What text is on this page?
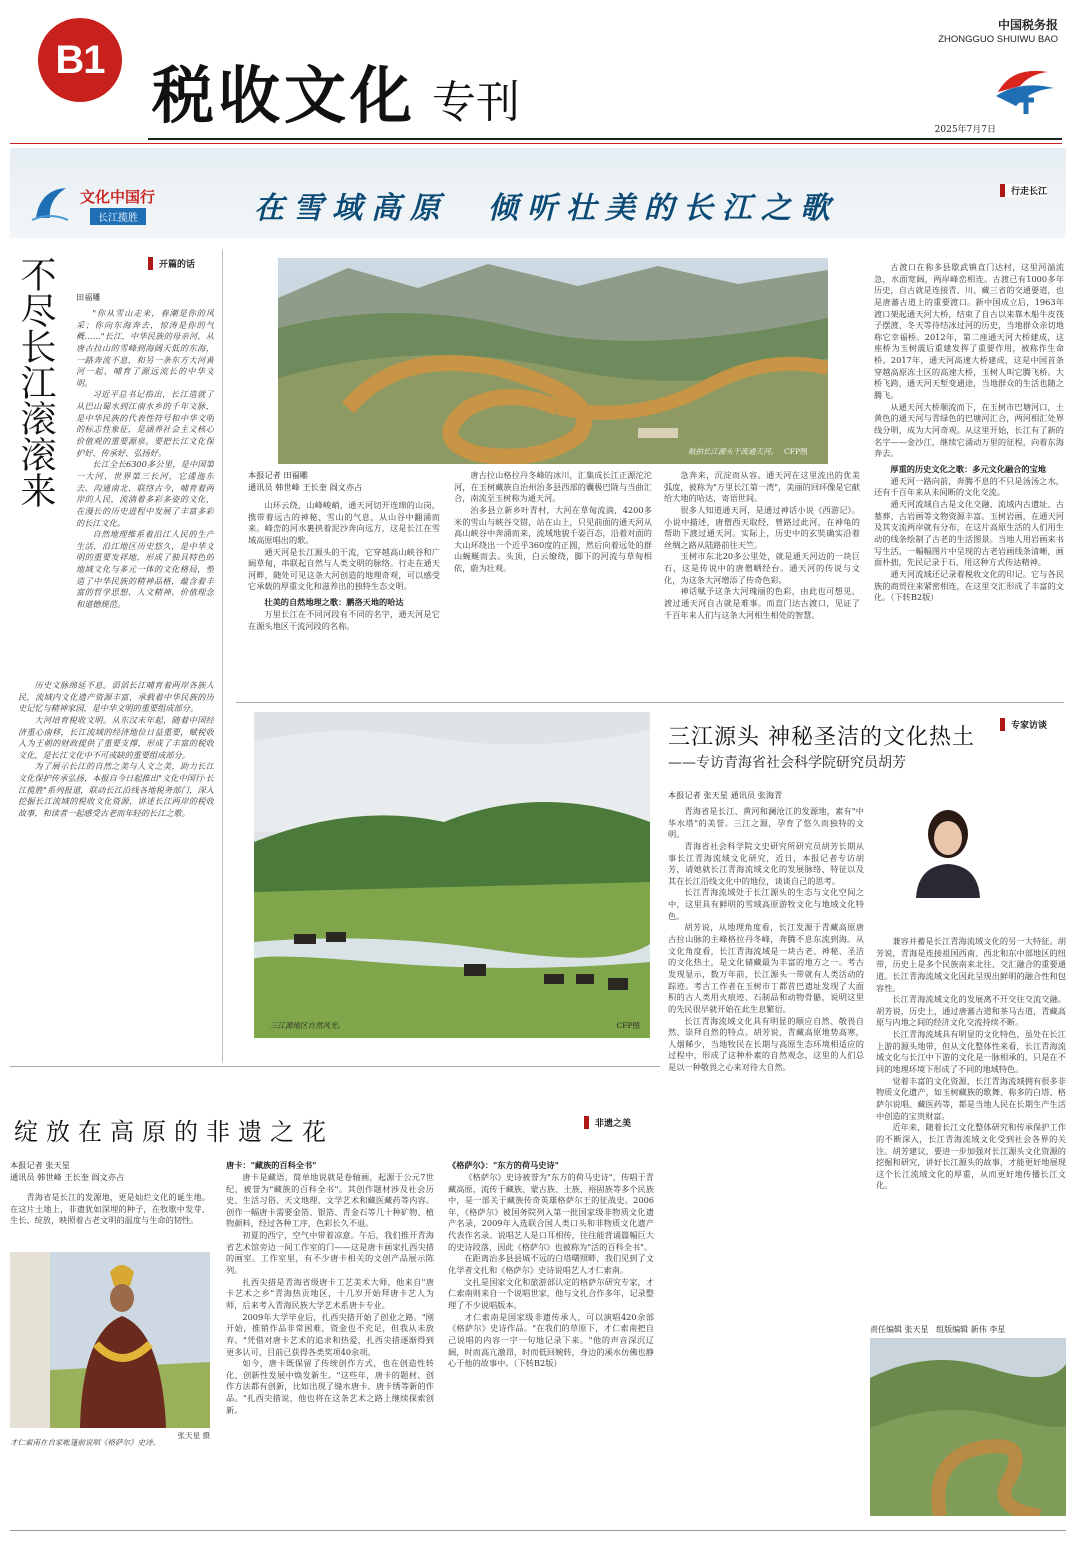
B1 税收文化 专刊
中国税务报
ZHONGGUO SHUIWU BAO
2025年7月7日
文化中国行
长江揽胜	在雪域高原  倾听壮美的长江之歌	行走长江
开篇的话
不尽长江滚滚来	田福雕

"你从雪山走来，春潮是你的风采；你向东海奔去，惊涛是你的气概……"长江，中华民族的母亲河，从唐古拉山的雪峰到海阔天低的东海，一路奔流不息，和另一条东方大河黄河一起，哺育了源远流长的中华文明。

习近平总书记指出，长江造就了从巴山蜀水到江南水乡的千年文脉，是中华民族的代表性符号和中华文明的标志性象征，是涵养社会主义核心价值观的重要源泉。要把长江文化保护好、传承好、弘扬好。

长江全长6300多公里，是中国第一大河、世界第三长河，它逶迤东去、沟通南北、联络古今，哺育着两岸的人民，流淌着多彩多姿的文化，在漫长的历史进程中发展了丰富多彩的长江文化。

自然地理维系着沿江人民的生产生活，沿江地区历史悠久，是中华文明的重要发祥地，形成了独具特色的地域文化与多元一体的文化格局，塑造了中华民族的精神品格，蕴含着丰富的哲学思想、人文精神、价值理念和道德规范。

历史文脉绵延不息。滔滔长江哺育着两岸各族人民，流域内文化遗产资源丰富，承载着中华民族的历史记忆与精神家园，是中华文明的重要组成部分。

大河培育税收文明。从东汉末年起，随着中国经济重心南移，长江流域的经济地位日益重要，赋税收入为王朝的财政提供了重要支撑，形成了丰富的税收文化，是长江文化中不可或缺的重要组成部分。

为了展示长江的自然之美与人文之美，助力长江文化保护传承弘扬，本报自今日起推出"文化中国行·长江揽胜"系列报道，联动长江沿线各地税务部门，深入挖掘长江流域的税收文化资源，讲述长江两岸的税收故事，和读者一起感受古老而年轻的长江之歌。

航拍长江源头干流通天河。 CFP图
本报记者 田福雕
通讯员 韩世峰 王长奎 阎文亦占

山环云绕，山峰峻峭，通天河切开连绵的山岗，携带着远古的神秘、雪山的气息，从山谷中翻涌而来。峰峦的河水裹挟着泥沙奔向远方，这是长江在雪域高原唱出的歌。

通天河是长江源头的干流，它穿越高山峡谷和广阔草甸，串联起自然与人类文明的脉络。行走在通天河畔，随处可见这条大河创造的地理奇观，可以感受它承载的厚重文化和滋养出的独特生态文明。

壮美的自然地理之歌：鹏洛天地的哈达

万里长江在不同河段有不同的名字，通天河是它在源头地区干流河段的名称。

唐古拉山格拉丹冬峰的冰川，汇集成长江正源沱沱河，在玉树藏族自治州治多县西部的囊极巴陇与当曲汇合，南流至玉树称为通天河。

治多县立新乡叶青村，大河在草甸流淌，4200多米的雪山与峡谷交错，站在山上，只见前面的通天河从高山峡谷中奔涌而来，流域地貌千姿百态，沿着对面的大山环绕出一个近乎360度的正圆，然后向着远处的群山蜿蜒而去。头顶，白云缭绕，脚下的河流与草甸相依，蔚为壮观。

急奔来，沉淀而从容。通天河在这里流出的优美弧度，被称为"万里长江第一湾"，美丽的回环像是它献给大地的哈达，寄语世间。

很多人知道通天河，是通过神话小说《西游记》。小说中描述，唐僧西天取经，曾路过此河，在神龟的帮助下渡过通天河。实际上，历史中的玄奘确实沿着丝绸之路从陆路前往天竺。

玉树市东北20多公里处，就是通天河边的一块巨石，这是传说中的唐僧晒经台。通天河的传说与文化，为这条大河增添了传奇色彩。

神话赋予这条大河瑰丽的色彩，由此也可想见，渡过通天河自古就是难事。而直门达古渡口，见证了千百年来人们与这条大河相生相处的智慧。

古渡口在称多县歇武镇直门达村，这里河湍流急，水面宽阔，两岸峰峦相连。古渡已有1000多年历史，自古就是连接青、川、藏三省的交通要道，也是唐蕃古道上的重要渡口。新中国成立后，1963年渡口架起通天河大桥，结束了自古以来靠木船牛皮筏子摆渡、冬天等待结冰过河的历史，当地群众亲切地称它幸福桥。2012年，第二座通天河大桥建成，这座桥为玉树震后重建发挥了重要作用，被称作生命桥。2017年，通天河高速大桥建成，这是中国首条穿越高原冻土区的高速大桥，玉树人叫它腾飞桥。大桥飞跨，通天河天堑变通途，当地群众的生活也随之腾飞。

从通天河大桥顺流而下，在玉树市巴塘河口，土黄色的通天河与青绿色的巴塘河汇合，两河相汇处界线分明，成为大河奇观。从这里开始，长江有了新的名字——金沙江，继续它涌动万里的征程，向着东海奔去。

厚重的历史文化之歌：多元文化融合的宝地

通天河一路向前，奔腾不息的不只是汤汤之水，还有千百年来从未间断的文化交流。

通天河流域自古是文化交融、流域内古遗址、古墓葬、古岩画等文物资源丰富。玉树岩画，在通天河及其支流两岸就有分布，在这片高原生活的人们用生动的线条绘制了古老的生活图景。当地人用岩画来书写生活，一幅幅图片中呈现的古老岩画线条清晰，画面朴拙，先民记录于石，用这种方式传达精神。

通天河流域还记录着税收文化的印记。它与各民族的商贸往来紧密相连，在这里交汇形成了丰富的文化。（下转B2版）

三江源地区自然风光。	CFP图
三江源头 神秘圣洁的文化热土
——专访青海省社会科学院研究员胡芳
专家访谈
本报记者 张天星 通讯员 张海青

青海省是长江、黄河和澜沧江的发源地，素有"中华水塔"的美誉。三江之源，孕育了悠久而独特的文明。

青海省社会科学院文史研究所研究员胡芳长期从事长江青海流域文化研究，近日，本报记者专访胡芳，请她就长江青海流域文化的发展脉络、特征以及其在长江沿线文化中的地位，谈谈自己的思考。

长江青海流域处于长江源头的生态与文化空间之中，这里具有鲜明的雪域高原游牧文化与地域文化特色。

胡芳说，从地理角度看，长江发源于青藏高原唐古拉山脉的主峰格拉丹冬峰，奔腾不息东流到海。从文化角度看，长江青海流域是一块古老、神秘、圣洁的文化热土，是文化储藏最为丰富的地方之一。考古发现显示，数万年前，长江源头一带就有人类活动的踪迹。考古工作者在玉树市丁都昔巴遗址发现了大面积的古人类用火痕迹、石制品和动物骨骼，说明这里的先民很早就开始在此生息繁衍。

长江青海流域文化具有明显的顺应自然、敬畏自然、崇拜自然的特点。胡芳说，青藏高原地势高寒，人烟稀少，当地牧民在长期与高原生态环境相适应的过程中，形成了这种朴素的自然观念，这里的人们总是以一种敬畏之心来对待大自然。

兼容并蓄是长江青海流域文化的另一大特征。胡芳说，青海是连接祖国西南、西北和东中部地区的纽带，历史上是多个民族南来北往、交汇融合的重要通道。长江青海流域文化因此呈现出鲜明的融合性和包容性。

长江青海流域文化的发展离不开交往交流交融。胡芳说，历史上，通过唐蕃古道和茶马古道，青藏高原与内地之间的经济文化交流持续不断。

长江青海流域具有明显的文化特色，虽处在长江上游的源头地带，但从文化整体性来看，长江青海流域文化与长江中下游的文化是一脉相承的，只是在不同的地理环境下形成了不同的地域特色。

觉着丰富的文化资源，长江青海流域拥有很多非物质文化遗产，如玉树藏族的歌舞、称多的白塔、格萨尔说唱、藏医药等，都是当地人民在长期生产生活中创造的宝贵财富。

近年来，随着长江文化整体研究和传承保护工作的不断深入，长江青海流域文化受到社会各界的关注。胡芳建议，要进一步加强对长江源头文化资源的挖掘和研究，讲好长江源头的故事，才能更好地展现这个长江流域文化的厚重，从而更好地传播长江文化。

责任编辑 张天星   组版编辑 新伟 李星
绽放在高原的非遗之花	非遗之美
本报记者 张天星
通讯员 韩世峰 王长奎 阎文亦占

青海省是长江的发源地，更是灿烂文化的诞生地。在这片土地上，非遗犹如深埋的种子，在牧歌中发芽、生长、绽放，映照着古老文明的温度与生命的韧性。

才仁索南在自家帐篷前说唱《格萨尔》史诗。
张天星 摄

唐卡："藏族的百科全书"

唐卡是藏语，简单地说就是卷轴画，起源于公元7世纪，被誉为"藏族的百科全书"。其创作题材涉及社会历史、生活习俗、天文地理、文学艺术和藏医藏药等内容。创作一幅唐卡需要金箔、银箔、青金石等几十种矿物、植物颜料，经过各种工序，色彩长久不退。

初夏的西宁，空气中带着凉意。午后，我们推开青海省艺术馆旁边一间工作室的门——这是唐卡画家扎西尖措的画室。工作室里，有不少唐卡相关的文创产品展示陈列。

扎西尖措是青海省级唐卡工艺美术大师，他来自"唐卡艺术之乡"青海热贡地区，十几岁开始拜唐卡艺人为师，后来考入青海民族大学艺术系唐卡专业。

2009年大学毕业后，扎西尖措开始了创业之路。"刚开始，推销作品非常困难，资金也不充足，但我从未放弃。"凭借对唐卡艺术的追求和热爱，扎西尖措逐渐得到更多认可，目前已获得各类奖项40余项。

如今，唐卡既保留了传统创作方式，也在创造性转化、创新性发展中焕发新生。"这些年，唐卡的题材、创作方法都有创新，比如出现了缝水唐卡、唐卡绣等新的作品。"扎西尖措说，他也将在这条艺术之路上继续探索创新。

《格萨尔》："东方的荷马史诗"

《格萨尔》史诗被誉为"东方的荷马史诗"，传唱于青藏高原，流传于藏族、蒙古族、土族、裕固族等多个民族中，是一部关于藏族传奇英雄格萨尔王的征战史。2006年，《格萨尔》被国务院列入第一批国家级非物质文化遗产名录，2009年入选联合国人类口头和非物质文化遗产代表作名录。说唱艺人是口耳相传，往往能背诵篇幅巨大的史诗段落，因此《格萨尔》也被称为"活的百科全书"。

在距离治多县县城不远的白塔曙照畔，我们见到了文化学者文扎和《格萨尔》史诗说唱艺人才仁索南。

文扎是国家文化和旅游部认定的格萨尔研究专家，才仁索南则来自一个说唱世家，他与文扎合作多年，记录整理了不少说唱版本。

才仁索南是国家级非遗传承人，可以演唱420余部《格萨尔》史诗作品。"在我们的草原下，才仁索南把自己说唱的内容一字一句地记录下来。"他的声音深沉辽阔，时而高亢激昂，时而低回婉转，身边的溪水仿佛也静心于他的故事中。（下转B2版）
